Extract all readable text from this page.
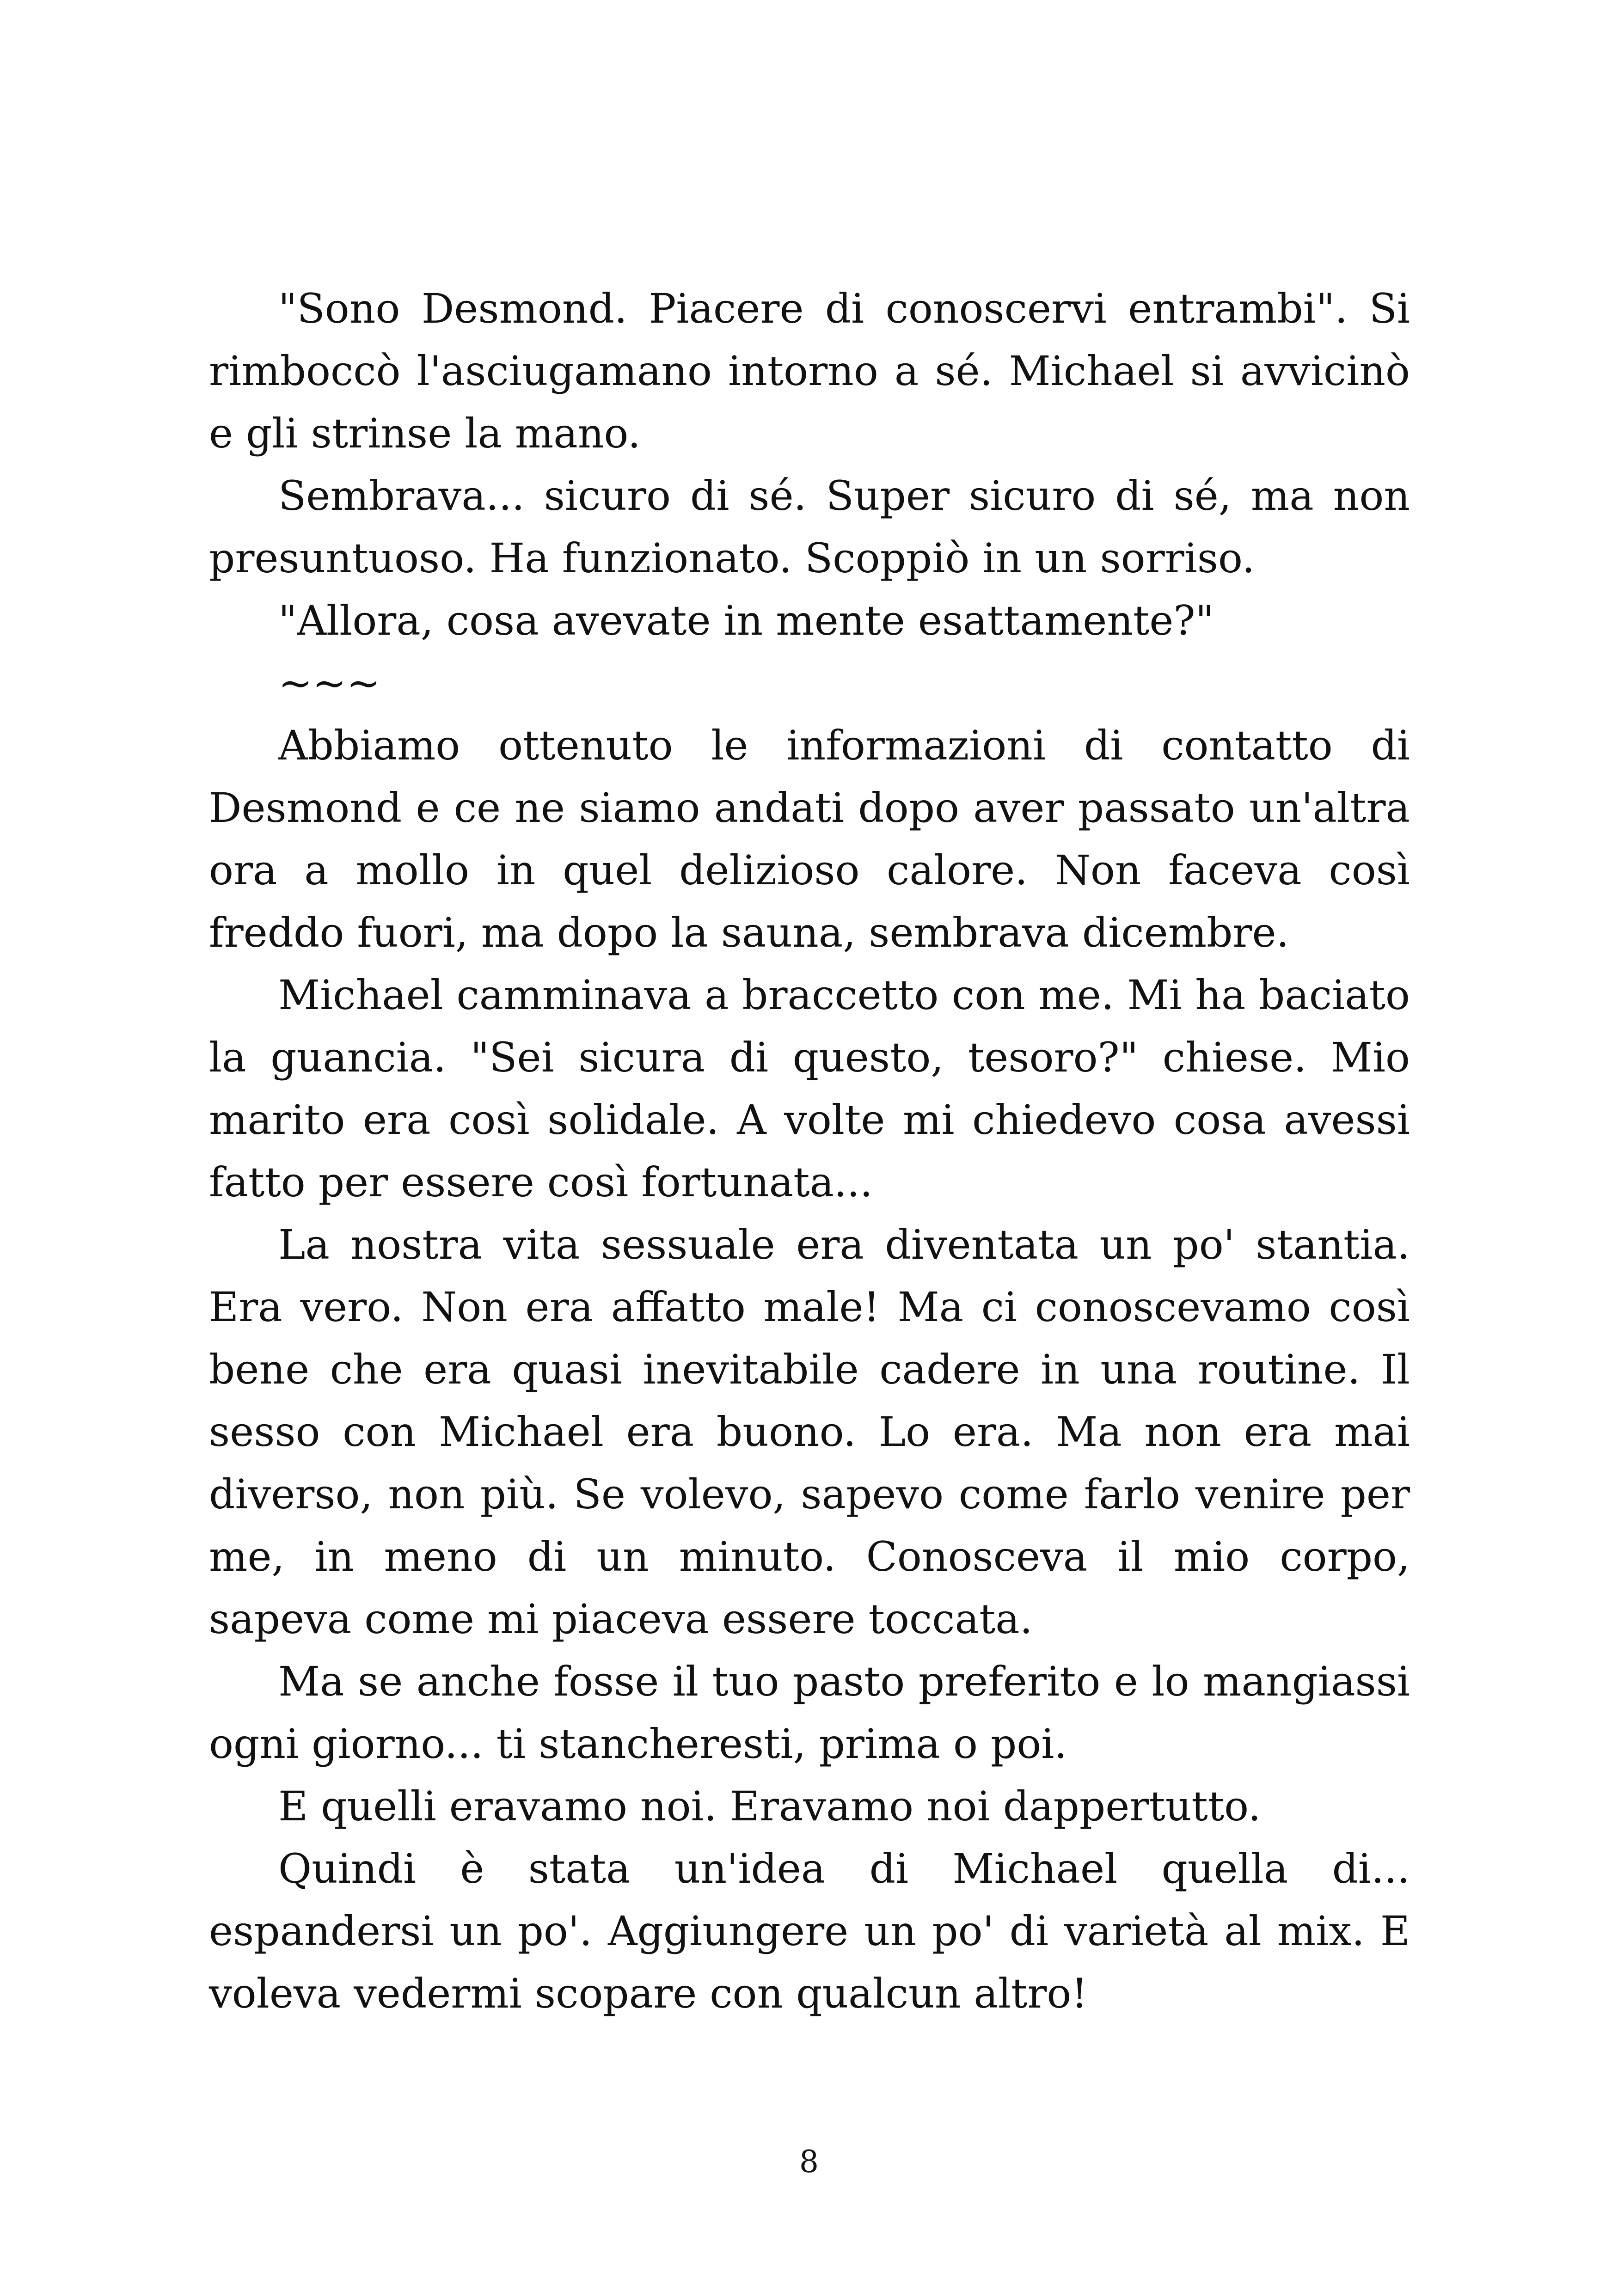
"Sono Desmond. Piacere di conoscervi entrambi". Si rimboccò l'asciugamano intorno a sé. Michael si avvicinò e gli strinse la mano.

Sembrava... sicuro di sé. Super sicuro di sé, ma non presuntuoso. Ha funzionato. Scoppiò in un sorriso.

"Allora, cosa avevate in mente esattamente?"

~~~

Abbiamo ottenuto le informazioni di contatto di Desmond e ce ne siamo andati dopo aver passato un'altra ora a mollo in quel delizioso calore. Non faceva così freddo fuori, ma dopo la sauna, sembrava dicembre.

Michael camminava a braccetto con me. Mi ha baciato la guancia. "Sei sicura di questo, tesoro?" chiese. Mio marito era così solidale. A volte mi chiedevo cosa avessi fatto per essere così fortunata...

La nostra vita sessuale era diventata un po' stantia. Era vero. Non era affatto male! Ma ci conoscevamo così bene che era quasi inevitabile cadere in una routine. Il sesso con Michael era buono. Lo era. Ma non era mai diverso, non più. Se volevo, sapevo come farlo venire per me, in meno di un minuto. Conosceva il mio corpo, sapeva come mi piaceva essere toccata.

Ma se anche fosse il tuo pasto preferito e lo mangiassi ogni giorno... ti stancheresti, prima o poi.

E quelli eravamo noi. Eravamo noi dappertutto.

Quindi è stata un'idea di Michael quella di... espandersi un po'. Aggiungere un po' di varietà al mix. E voleva vedermi scopare con qualcun altro!

8
